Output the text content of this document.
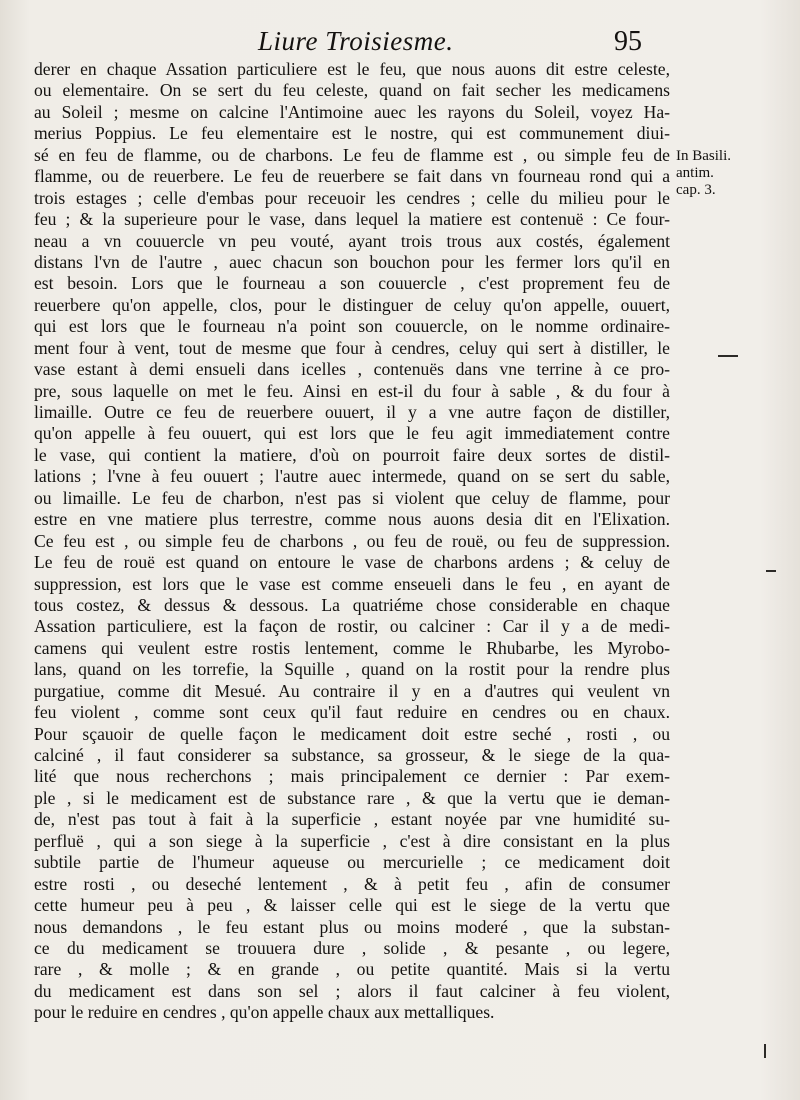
Liure Troisiesme.	95
derer en chaque Assation particuliere est le feu, que nous auons dit estre celeste,
ou elementaire. On se sert du feu celeste, quand on fait secher les medicamens
au Soleil ; mesme on calcine l'Antimoine auec les rayons du Soleil, voyez Ha-
merius Poppius. Le feu elementaire est le nostre, qui est communement diui-
sé en feu de flamme, ou de charbons. Le feu de flamme est , ou simple feu de
flamme, ou de reuerbere. Le feu de reuerbere se fait dans vn fourneau rond qui a
trois estages ; celle d'embas pour receuoir les cendres ; celle du milieu pour le
feu ; & la superieure pour le vase, dans lequel la matiere est contenuë : Ce four-
neau a vn couuercle vn peu vouté, ayant trois trous aux costés, également
distans l'vn de l'autre , auec chacun son bouchon pour les fermer lors qu'il en
est besoin. Lors que le fourneau a son couuercle , c'est proprement feu de
reuerbere qu'on appelle, clos, pour le distinguer de celuy qu'on appelle, ouuert,
qui est lors que le fourneau n'a point son couuercle, on le nomme ordinaire-
ment four à vent, tout de mesme que four à cendres, celuy qui sert à distiller, le
vase estant à demi ensueli dans icelles , contenuës dans vne terrine à ce pro-
pre, sous laquelle on met le feu. Ainsi en est-il du four à sable , & du four à
limaille. Outre ce feu de reuerbere ouuert, il y a vne autre façon de distiller,
qu'on appelle à feu ouuert, qui est lors que le feu agit immediatement contre
le vase, qui contient la matiere, d'où on pourroit faire deux sortes de distil-
lations ; l'vne à feu ouuert ; l'autre auec intermede, quand on se sert du sable,
ou limaille. Le feu de charbon, n'est pas si violent que celuy de flamme, pour
estre en vne matiere plus terrestre, comme nous auons desia dit en l'Elixation.
Ce feu est , ou simple feu de charbons , ou feu de rouë, ou feu de suppression.
Le feu de rouë est quand on entoure le vase de charbons ardens ; & celuy de
suppression, est lors que le vase est comme enseueli dans le feu , en ayant de
tous costez, & dessus & dessous. La quatriéme chose considerable en chaque
Assation particuliere, est la façon de rostir, ou calciner : Car il y a de medi-
camens qui veulent estre rostis lentement, comme le Rhubarbe, les Myrobo-
lans, quand on les torrefie, la Squille , quand on la rostit pour la rendre plus
purgatiue, comme dit Mesué. Au contraire il y en a d'autres qui veulent vn
feu violent , comme sont ceux qu'il faut reduire en cendres ou en chaux.
Pour sçauoir de quelle façon le medicament doit estre seché , rosti , ou
calciné , il faut considerer sa substance, sa grosseur, & le siege de la qua-
lité que nous recherchons ; mais principalement ce dernier : Par exem-
ple , si le medicament est de substance rare , & que la vertu que ie deman-
de, n'est pas tout à fait à la superficie , estant noyée par vne humidité su-
perfluë , qui a son siege à la superficie , c'est à dire consistant en la plus
subtile partie de l'humeur aqueuse ou mercurielle ; ce medicament doit
estre rosti , ou deseché lentement , & à petit feu , afin de consumer
cette humeur peu à peu , & laisser celle qui est le siege de la vertu que
nous demandons , le feu estant plus ou moins moderé , que la substan-
ce du medicament se trouuera dure , solide , & pesante , ou legere,
rare , & molle ; & en grande , ou petite quantité. Mais si la vertu
du medicament est dans son sel ; alors il faut calciner à feu violent,
pour le reduire en cendres , qu'on appelle chaux aux mettalliques.
In Basili.
antim.
cap. 3.
